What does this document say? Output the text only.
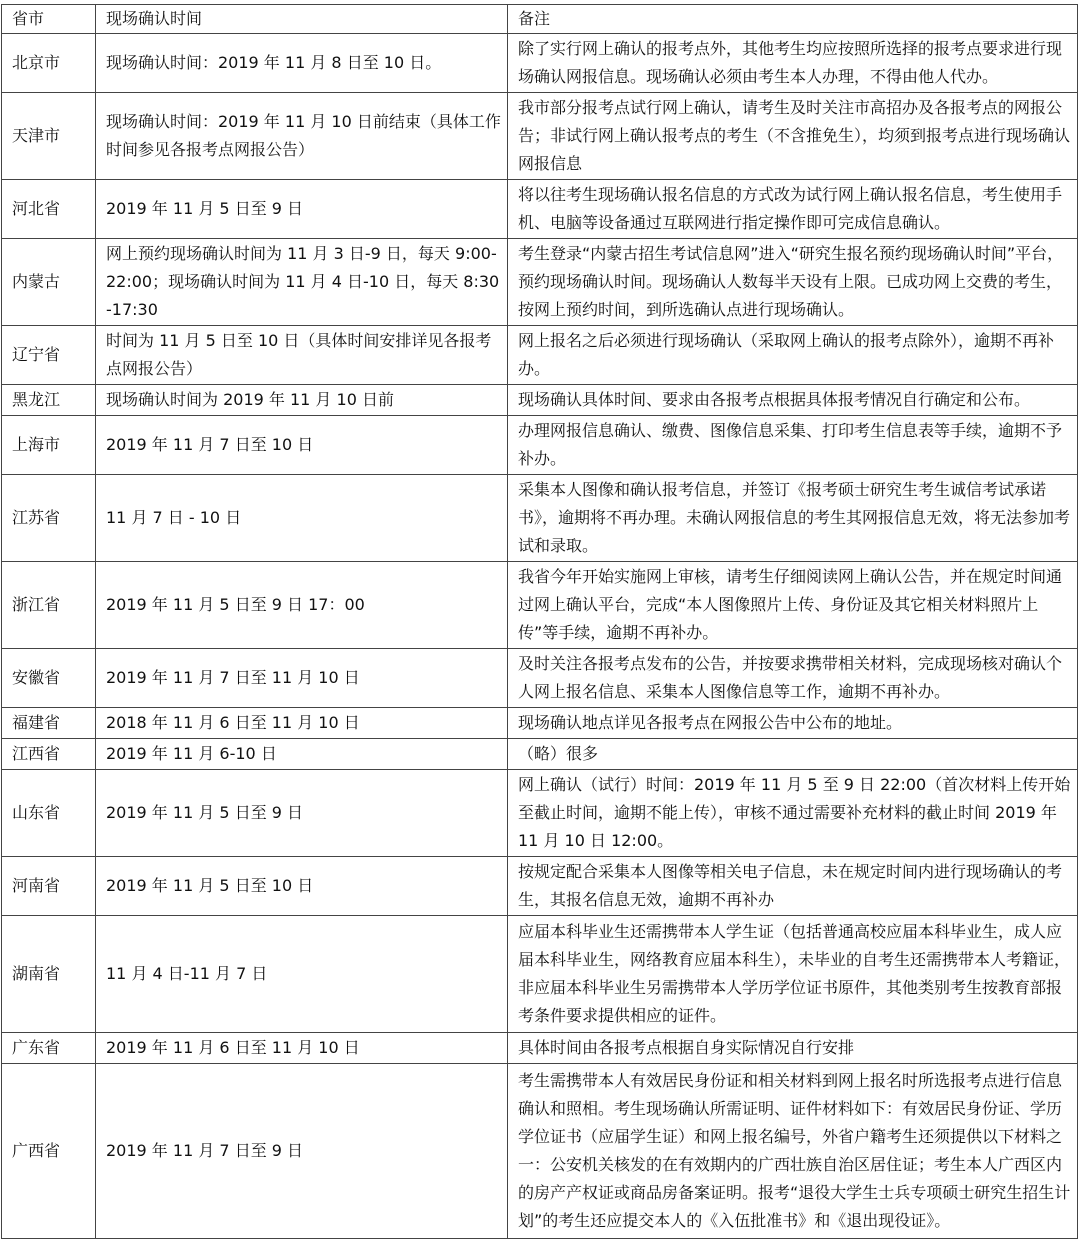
省市	现场确认时间	备注
北京市	现场确认时间：2019 年 11 月 8 日至 10 日。	除了实行网上确认的报考点外，其他考生均应按照所选择的报考点要求进行现场确认网报信息。现场确认必须由考生本人办理，不得由他人代办。
天津市	现场确认时间：2019 年 11 月 10 日前结束（具体工作时间参见各报考点网报公告）	我市部分报考点试行网上确认，请考生及时关注市高招办及各报考点的网报公告；非试行网上确认报考点的考生（不含推免生），均须到报考点进行现场确认网报信息
河北省	2019 年 11 月 5 日至 9 日	将以往考生现场确认报名信息的方式改为试行网上确认报名信息，考生使用手机、电脑等设备通过互联网进行指定操作即可完成信息确认。
内蒙古	网上预约现场确认时间为 11 月 3 日-9 日，每天 9:00-22:00；现场确认时间为 11 月 4 日-10 日，每天 8:30-17:30	考生登录“内蒙古招生考试信息网”进入“研究生报名预约现场确认时间”平台，预约现场确认时间。现场确认人数每半天设有上限。已成功网上交费的考生，按网上预约时间，到所选确认点进行现场确认。
辽宁省	时间为 11 月 5 日至 10 日（具体时间安排详见各报考点网报公告）	网上报名之后必须进行现场确认（采取网上确认的报考点除外），逾期不再补办。
黑龙江	现场确认时间为 2019 年 11 月 10 日前	现场确认具体时间、要求由各报考点根据具体报考情况自行确定和公布。
上海市	2019 年 11 月 7 日至 10 日	办理网报信息确认、缴费、图像信息采集、打印考生信息表等手续，逾期不予补办。
江苏省	11 月 7 日 - 10 日	采集本人图像和确认报考信息，并签订《报考硕士研究生考生诚信考试承诺书》，逾期将不再办理。未确认网报信息的考生其网报信息无效，将无法参加考试和录取。
浙江省	2019 年 11 月 5 日至 9 日 17：00	我省今年开始实施网上审核，请考生仔细阅读网上确认公告，并在规定时间通过网上确认平台，完成“本人图像照片上传、身份证及其它相关材料照片上传”等手续，逾期不再补办。
安徽省	2019 年 11 月 7 日至 11 月 10 日	及时关注各报考点发布的公告，并按要求携带相关材料，完成现场核对确认个人网上报名信息、采集本人图像信息等工作，逾期不再补办。
福建省	2018 年 11 月 6 日至 11 月 10 日	现场确认地点详见各报考点在网报公告中公布的地址。
江西省	2019 年 11 月 6-10 日	（略）很多
山东省	2019 年 11 月 5 日至 9 日	网上确认（试行）时间：2019 年 11 月 5 至 9 日 22:00（首次材料上传开始至截止时间，逾期不能上传），审核不通过需要补充材料的截止时间 2019 年 11 月 10 日 12:00。
河南省	2019 年 11 月 5 日至 10 日	按规定配合采集本人图像等相关电子信息，未在规定时间内进行现场确认的考生，其报名信息无效，逾期不再补办
湖南省	11 月 4 日-11 月 7 日	应届本科毕业生还需携带本人学生证（包括普通高校应届本科毕业生，成人应届本科毕业生，网络教育应届本科生），未毕业的自考生还需携带本人考籍证，非应届本科毕业生另需携带本人学历学位证书原件，其他类别考生按教育部报考条件要求提供相应的证件。
广东省	2019 年 11 月 6 日至 11 月 10 日	具体时间由各报考点根据自身实际情况自行安排
广西省	2019 年 11 月 7 日至 9 日	考生需携带本人有效居民身份证和相关材料到网上报名时所选报考点进行信息确认和照相。考生现场确认所需证明、证件材料如下：有效居民身份证、学历学位证书（应届学生证）和网上报名编号，外省户籍考生还须提供以下材料之一：公安机关核发的在有效期内的广西壮族自治区居住证；考生本人广西区内的房产产权证或商品房备案证明。报考“退役大学生士兵专项硕士研究生招生计划”的考生还应提交本人的《入伍批准书》和《退出现役证》。
